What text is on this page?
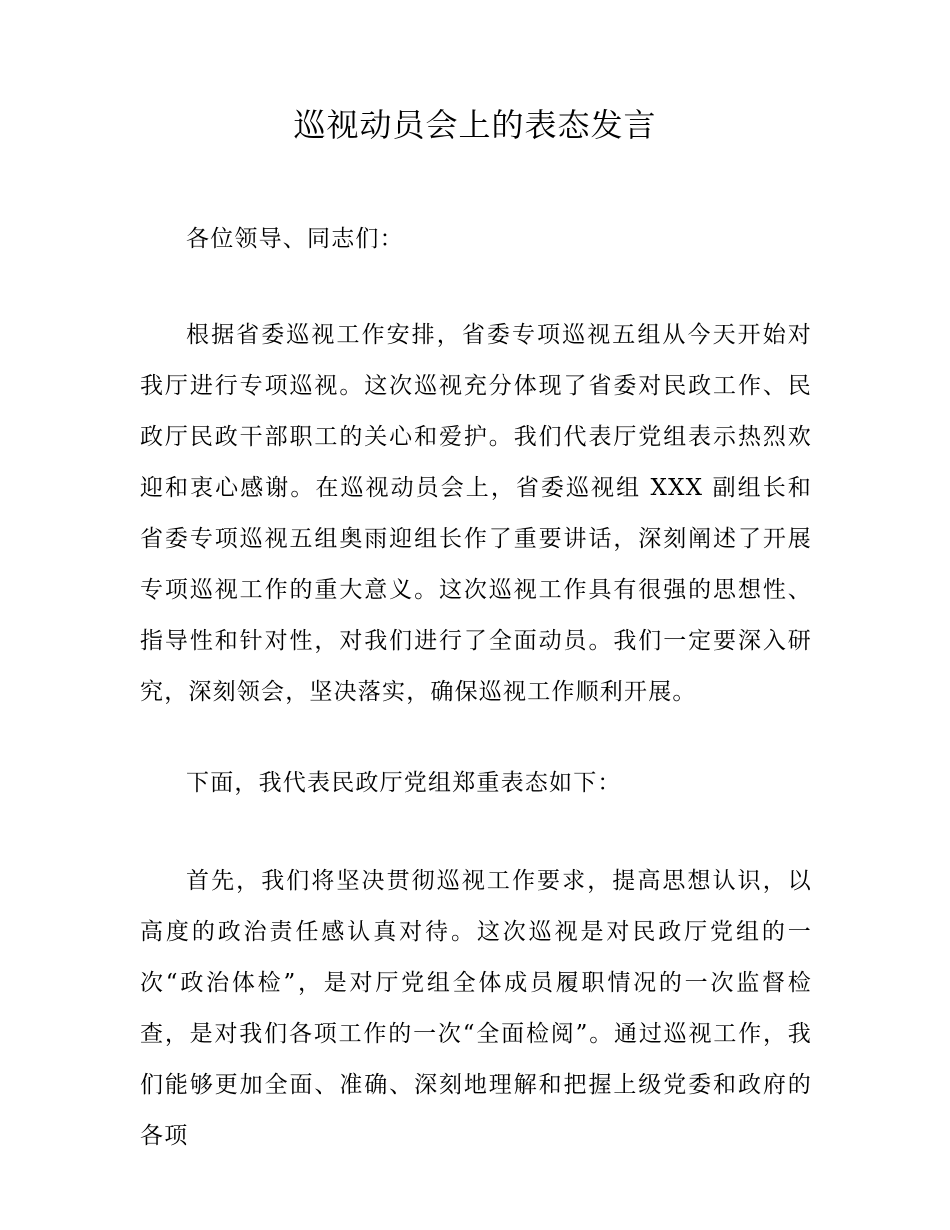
巡视动员会上的表态发言

各位领导、同志们：

根据省委巡视工作安排，省委专项巡视五组从今天开始对我厅进行专项巡视。这次巡视充分体现了省委对民政工作、民政厅民政干部职工的关心和爱护。我们代表厅党组表示热烈欢迎和衷心感谢。在巡视动员会上，省委巡视组 XXX 副组长和省委专项巡视五组奥雨迎组长作了重要讲话，深刻阐述了开展专项巡视工作的重大意义。这次巡视工作具有很强的思想性、指导性和针对性，对我们进行了全面动员。我们一定要深入研究，深刻领会，坚决落实，确保巡视工作顺利开展。

下面，我代表民政厅党组郑重表态如下：

首先，我们将坚决贯彻巡视工作要求，提高思想认识，以高度的政治责任感认真对待。这次巡视是对民政厅党组的一次“政治体检”，是对厅党组全体成员履职情况的一次监督检查，是对我们各项工作的一次“全面检阅”。通过巡视工作，我们能够更加全面、准确、深刻地理解和把握上级党委和政府的各项
